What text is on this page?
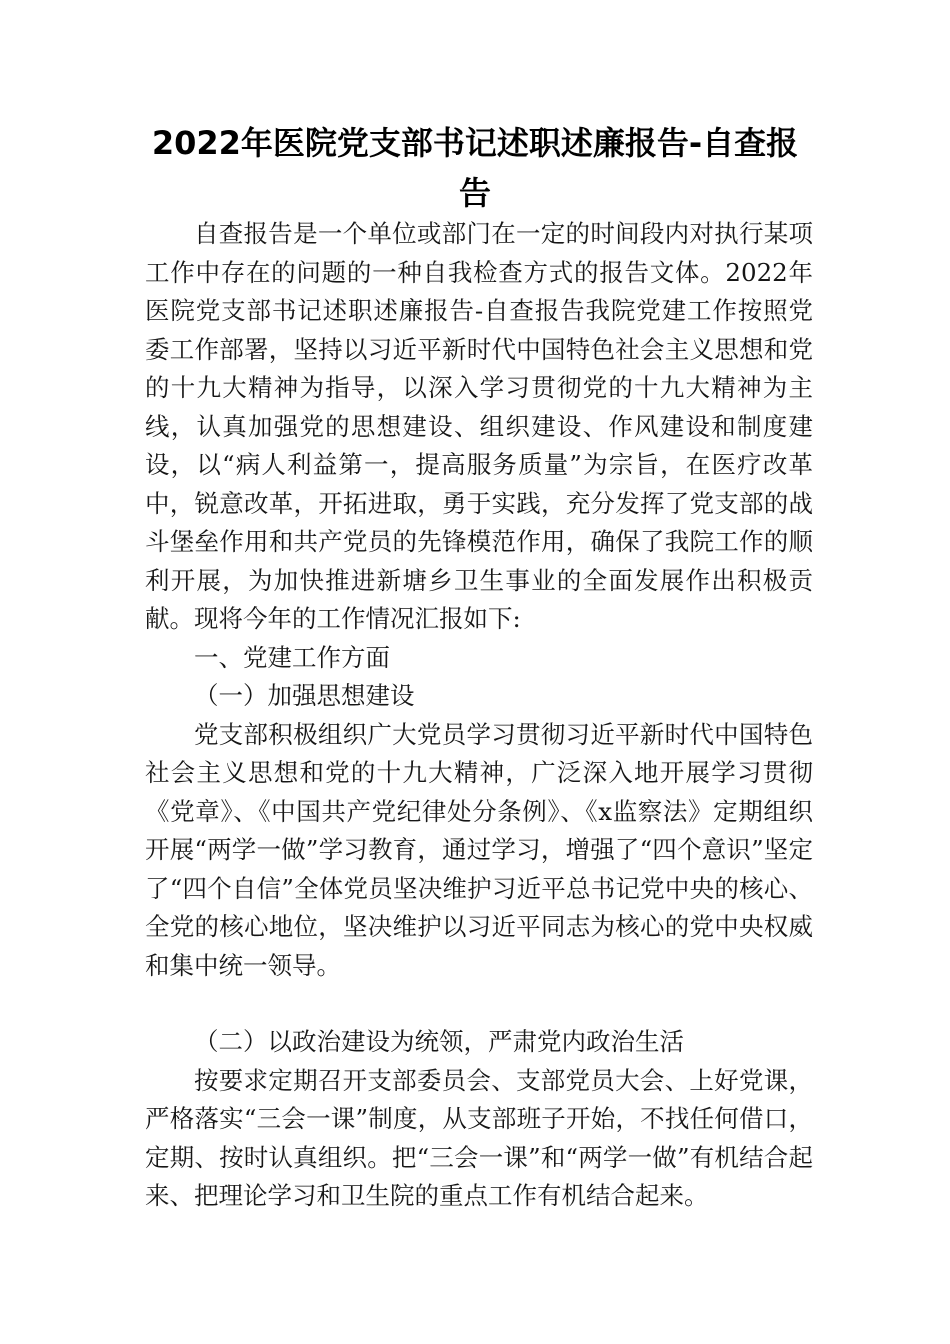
2022年医院党支部书记述职述廉报告-自查报告

自查报告是一个单位或部门在一定的时间段内对执行某项工作中存在的问题的一种自我检查方式的报告文体。2022年医院党支部书记述职述廉报告-自查报告我院党建工作按照党委工作部署，坚持以习近平新时代中国特色社会主义思想和党的十九大精神为指导，以深入学习贯彻党的十九大精神为主线，认真加强党的思想建设、组织建设、作风建设和制度建设，以“病人利益第一，提高服务质量”为宗旨，在医疗改革中，锐意改革，开拓进取，勇于实践，充分发挥了党支部的战斗堡垒作用和共产党员的先锋模范作用，确保了我院工作的顺利开展，为加快推进新塘乡卫生事业的全面发展作出积极贡献。现将今年的工作情况汇报如下:

一、党建工作方面

（一）加强思想建设

党支部积极组织广大党员学习贯彻习近平新时代中国特色社会主义思想和党的十九大精神，广泛深入地开展学习贯彻《党章》、《中国共产党纪律处分条例》、《x监察法》定期组织开展“两学一做”学习教育，通过学习，增强了“四个意识”坚定了“四个自信”全体党员坚决维护习近平总书记党中央的核心、全党的核心地位，坚决维护以习近平同志为核心的党中央权威和集中统一领导。

（二）以政治建设为统领，严肃党内政治生活

按要求定期召开支部委员会、支部党员大会、上好党课，严格落实“三会一课”制度，从支部班子开始，不找任何借口，定期、按时认真组织。把“三会一课”和“两学一做”有机结合起来、把理论学习和卫生院的重点工作有机结合起来。
